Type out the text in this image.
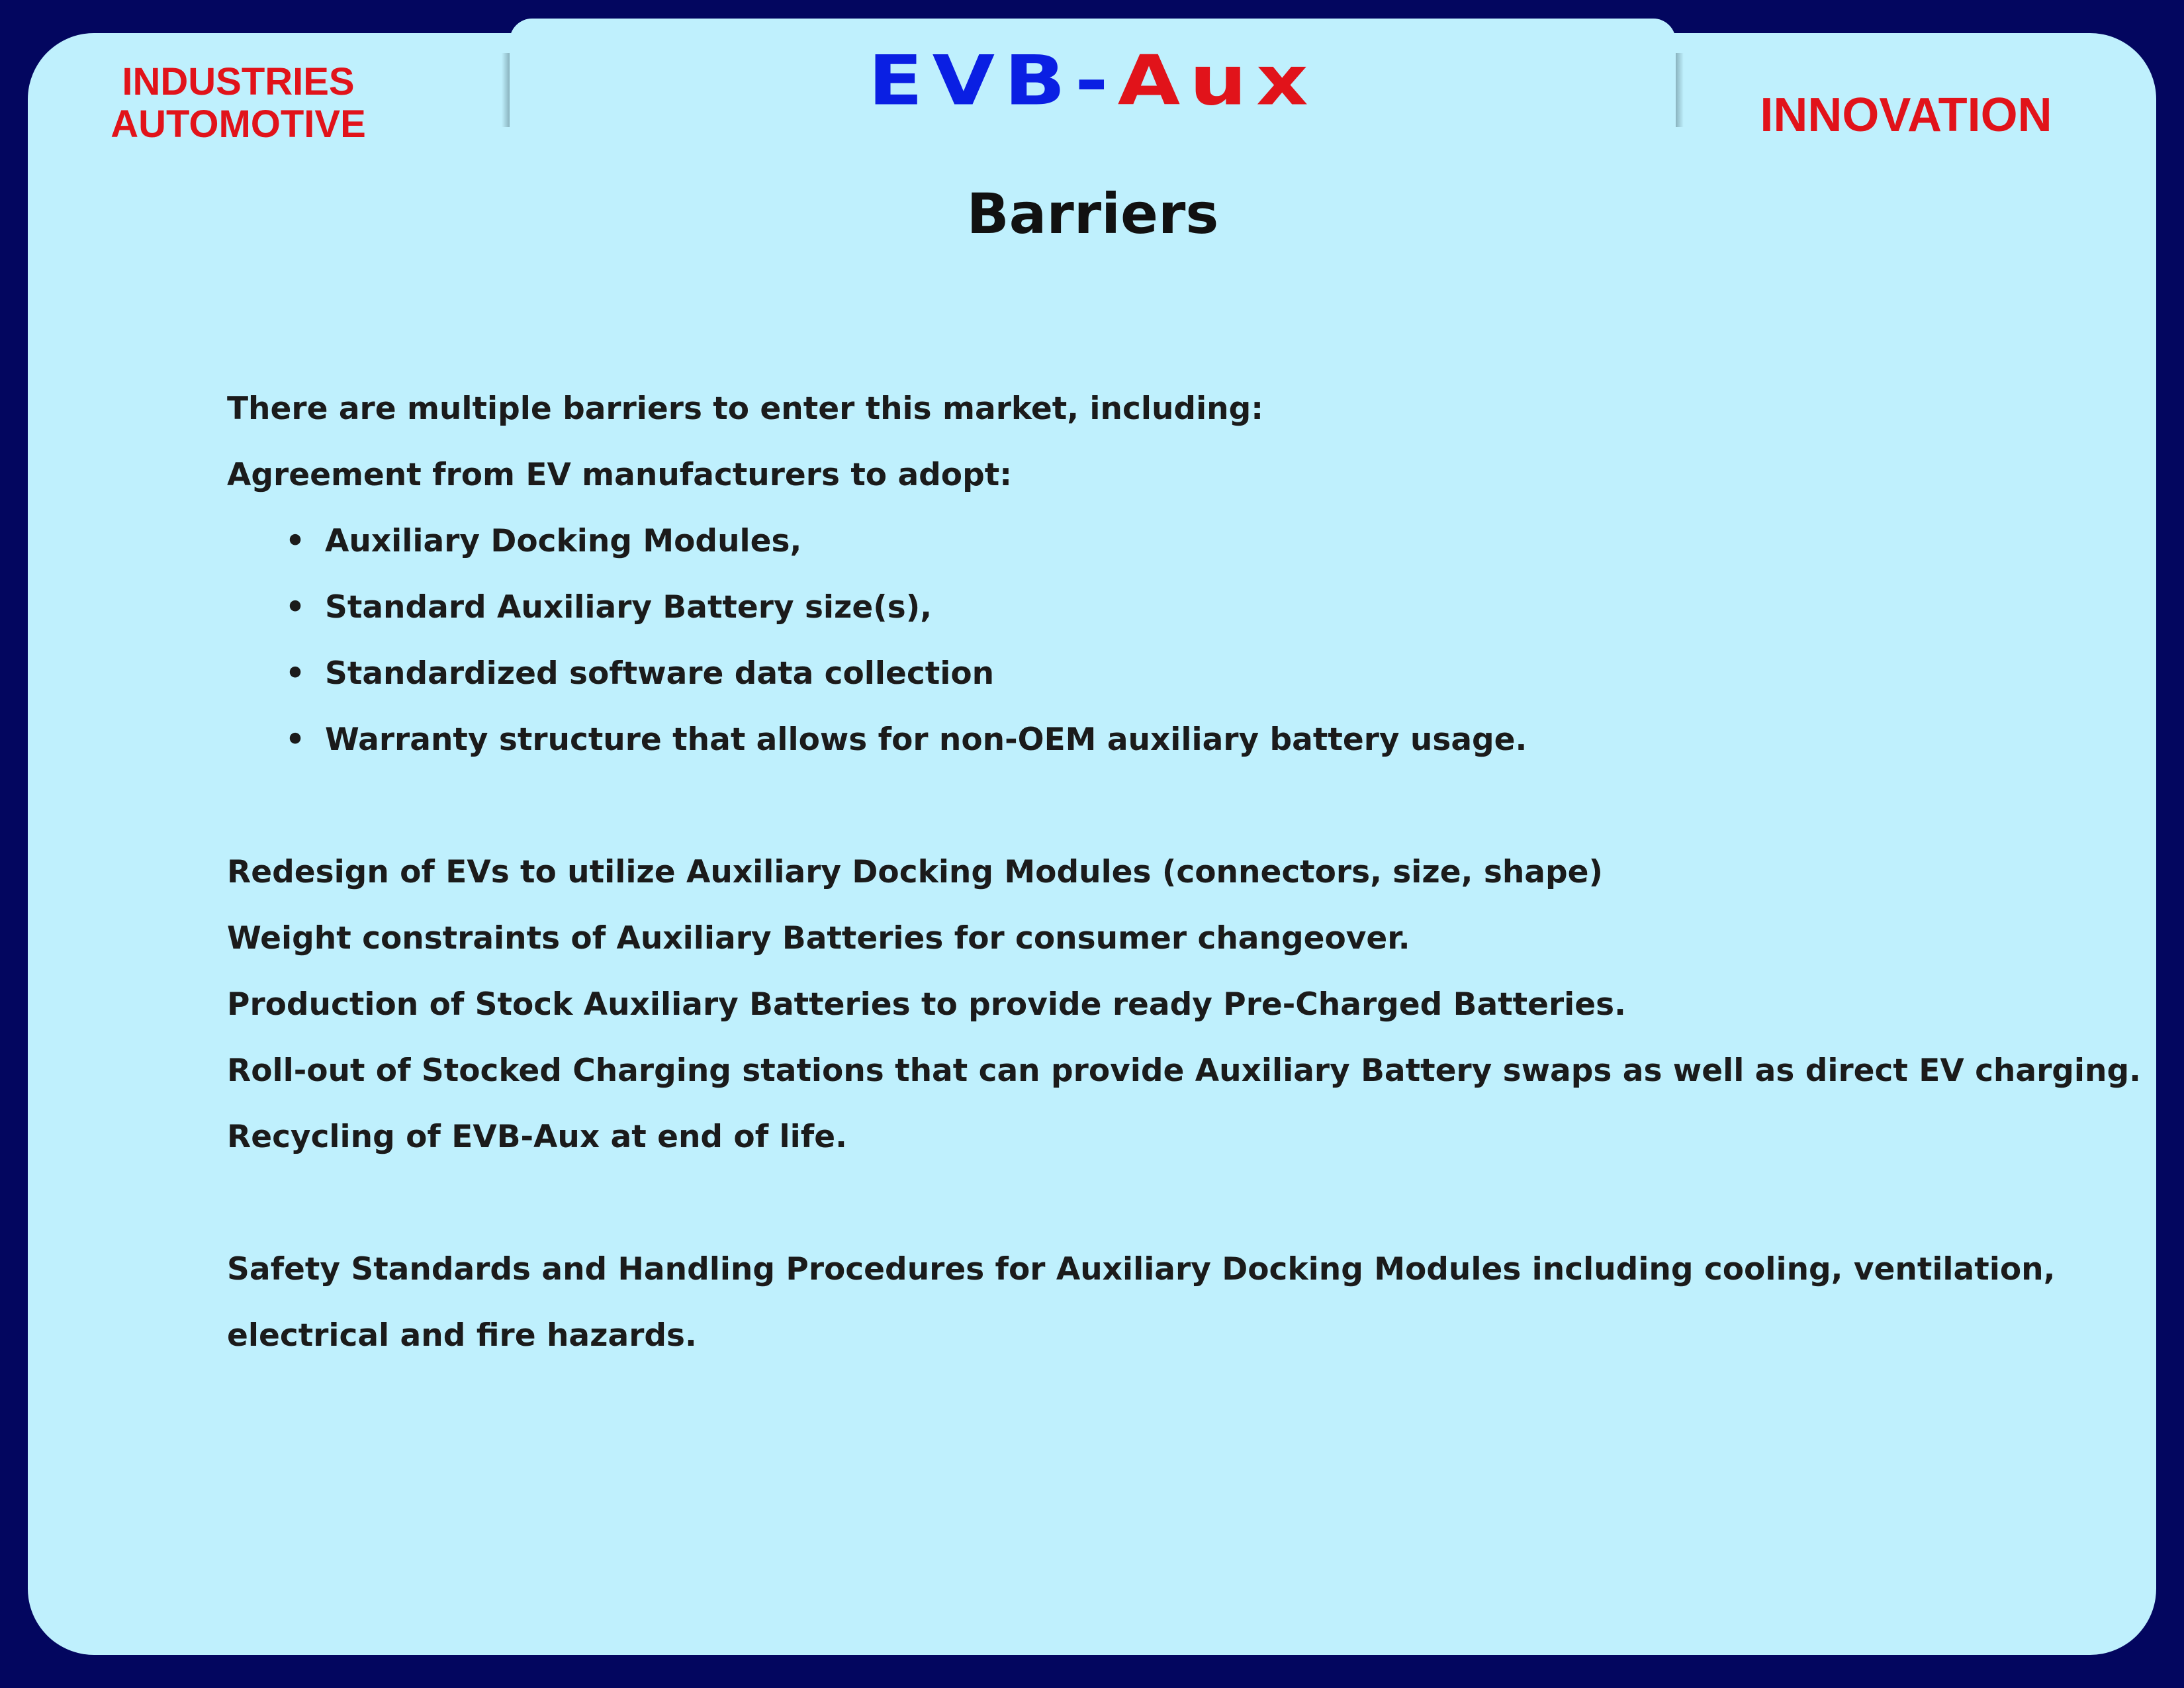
INDUSTRIES
AUTOMOTIVE	INNOVATION
EVB-Aux
Barriers

There are multiple barriers to enter this market, including:

Agreement from EV manufacturers to adopt:

• Auxiliary Docking Modules,
• Standard Auxiliary Battery size(s),
• Standardized software data collection
• Warranty structure that allows for non-OEM auxiliary battery usage.

Redesign of EVs to utilize Auxiliary Docking Modules (connectors, size, shape)

Weight constraints of Auxiliary Batteries for consumer changeover.

Production of Stock Auxiliary Batteries to provide ready Pre-Charged Batteries.

Roll-out of Stocked Charging stations that can provide Auxiliary Battery swaps as well as direct EV charging.

Recycling of EVB-Aux at end of life.

Safety Standards and Handling Procedures for Auxiliary Docking Modules including cooling, ventilation,

electrical and fire hazards.
